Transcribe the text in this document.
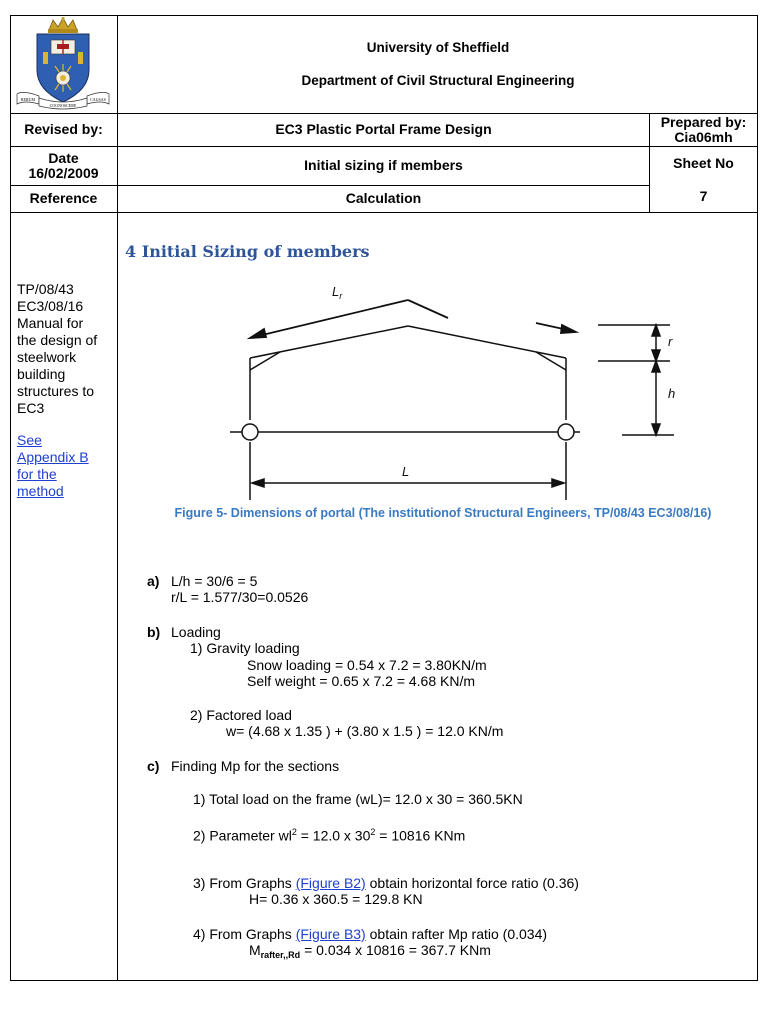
RERUM
COGNOSCERE
CAUSAS
University of Sheffield
Department of Civil Structural Engineering
Revised by:	EC3 Plastic Portal Frame Design	Prepared by:
Cia06mh
Date
16/02/2009	Initial sizing if members	Sheet No
Reference	Calculation	7
TP/08/43
EC3/08/16
Manual for
the design of
steelwork
building
structures to
EC3
See
Appendix B
for the
method
4 Initial Sizing of members
$L_r$
r
h
L
Figure 5- Dimensions of portal (The institutionof Structural Engineers, TP/08/43 EC3/08/16)
a) L/h = 30/6 = 5
r/L = 1.577/30=0.0526
b) Loading
1) Gravity loading
Snow loading = 0.54 x 7.2 = 3.80KN/m
Self weight = 0.65 x 7.2 = 4.68 KN/m
2) Factored load
w= (4.68 x 1.35 ) + (3.80 x 1.5 ) = 12.0 KN/m
c) Finding Mp for the sections
1) Total load on the frame (wL)= 12.0 x 30 = 360.5KN
2) Parameter $wl^2 = 12.0$ x $30^2 = 10816$ KNm
3) From Graphs (Figure B2) obtain horizontal force ratio (0.36)
H= 0.36 x 360.5 = 129.8 KN
4) From Graphs (Figure B3) obtain rafter Mp ratio (0.034)
$M_{rafter,,Rd} = 0.034$ x 10816 = 367.7 KNm
